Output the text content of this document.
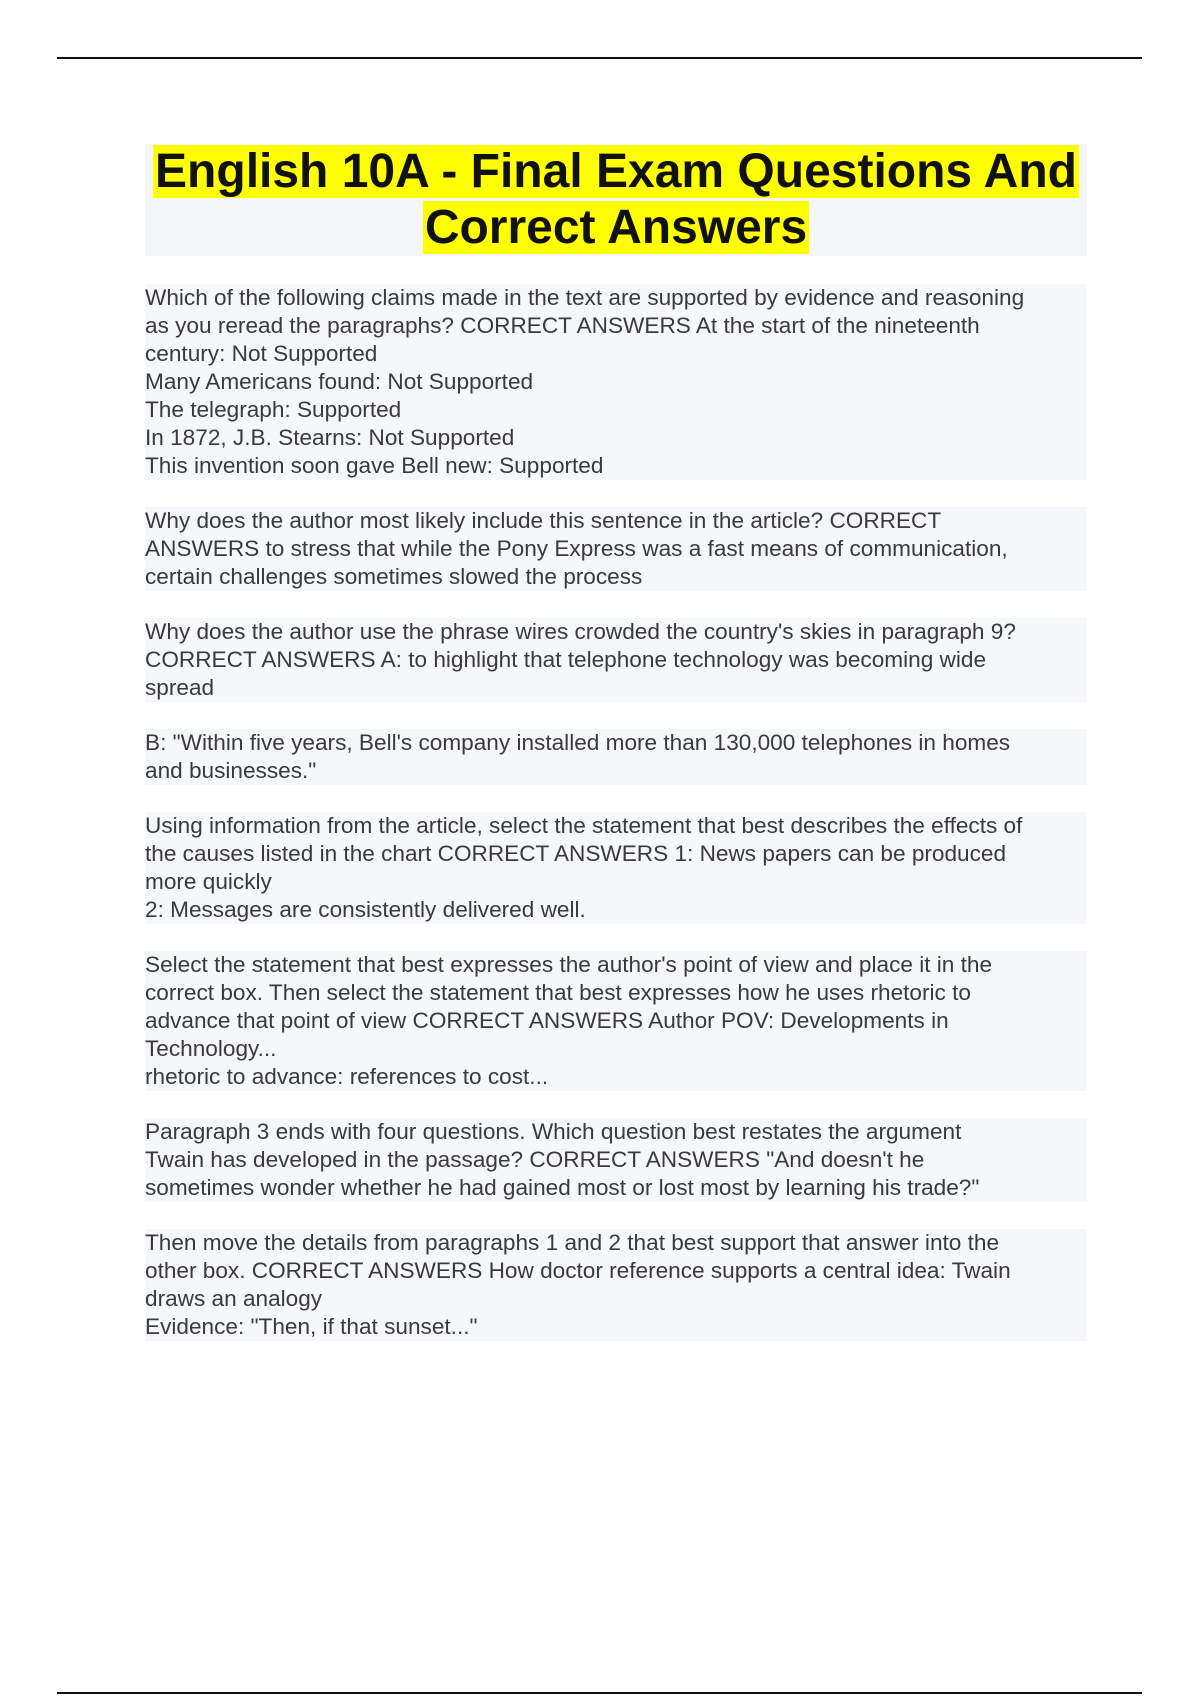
English 10A - Final Exam Questions And
Correct Answers
Which of the following claims made in the text are supported by evidence and reasoning
as you reread the paragraphs? CORRECT ANSWERS At the start of the nineteenth
century: Not Supported
Many Americans found: Not Supported
The telegraph: Supported
In 1872, J.B. Stearns: Not Supported
This invention soon gave Bell new: Supported
Why does the author most likely include this sentence in the article? CORRECT
ANSWERS to stress that while the Pony Express was a fast means of communication,
certain challenges sometimes slowed the process
Why does the author use the phrase wires crowded the country's skies in paragraph 9?
CORRECT ANSWERS A: to highlight that telephone technology was becoming wide
spread
B: "Within five years, Bell's company installed more than 130,000 telephones in homes
and businesses."
Using information from the article, select the statement that best describes the effects of
the causes listed in the chart CORRECT ANSWERS 1: News papers can be produced
more quickly
2: Messages are consistently delivered well.
Select the statement that best expresses the author's point of view and place it in the
correct box. Then select the statement that best expresses how he uses rhetoric to
advance that point of view CORRECT ANSWERS Author POV: Developments in
Technology...
rhetoric to advance: references to cost...
Paragraph 3 ends with four questions. Which question best restates the argument
Twain has developed in the passage? CORRECT ANSWERS "And doesn't he
sometimes wonder whether he had gained most or lost most by learning his trade?"
Then move the details from paragraphs 1 and 2 that best support that answer into the
other box. CORRECT ANSWERS How doctor reference supports a central idea: Twain
draws an analogy
Evidence: "Then, if that sunset..."
